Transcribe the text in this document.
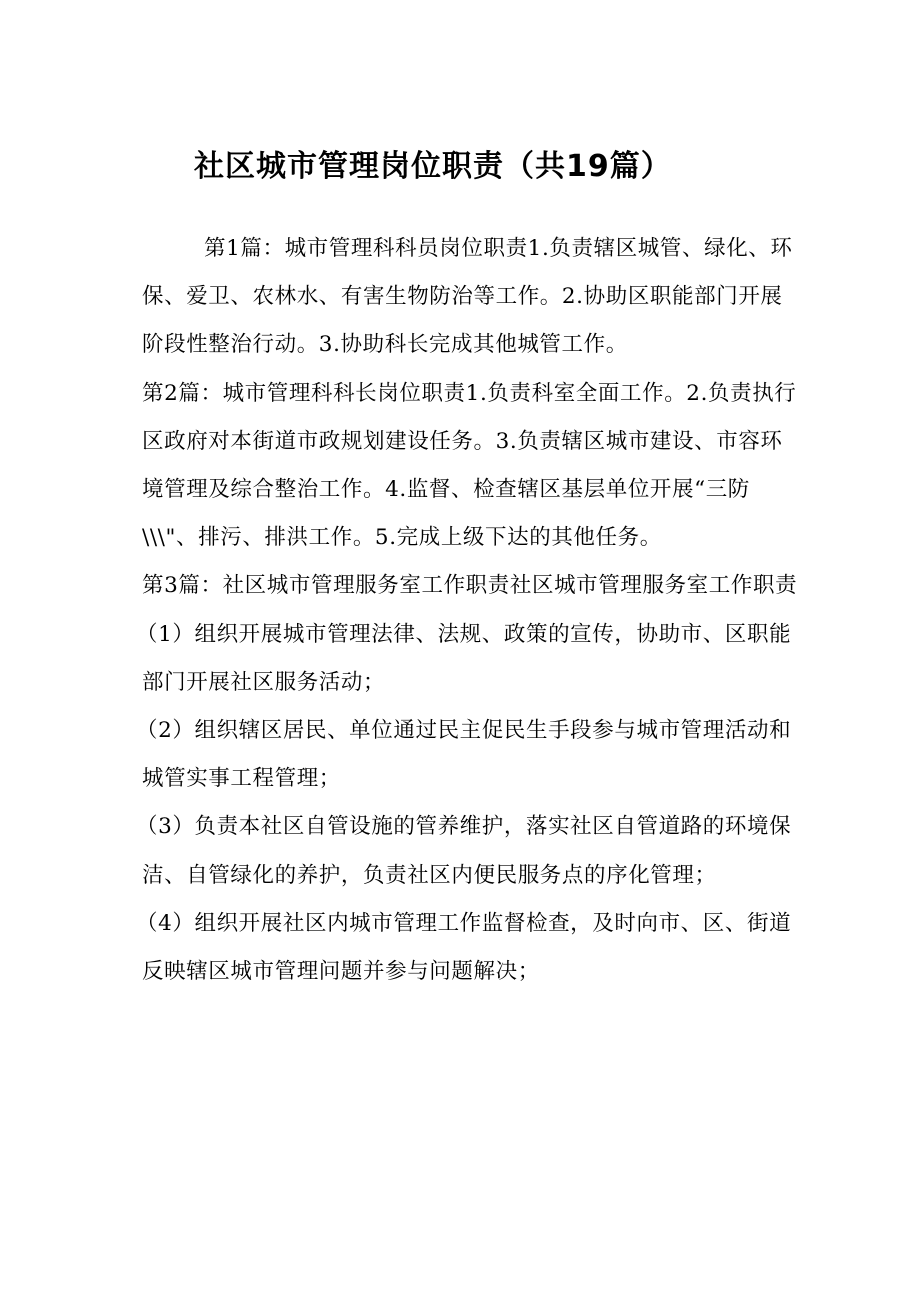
社区城市管理岗位职责（共19篇）

第1篇：城市管理科科员岗位职责1.负责辖区城管、绿化、环保、爱卫、农林水、有害生物防治等工作。2.协助区职能部门开展阶段性整治行动。3.协助科长完成其他城管工作。

第2篇：城市管理科科长岗位职责1.负责科室全面工作。2.负责执行区政府对本街道市政规划建设任务。3.负责辖区城市建设、市容环境管理及综合整治工作。4.监督、检查辖区基层单位开展“三防\\\"、排污、排洪工作。5.完成上级下达的其他任务。

第3篇：社区城市管理服务室工作职责社区城市管理服务室工作职责

（1）组织开展城市管理法律、法规、政策的宣传，协助市、区职能部门开展社区服务活动；

（2）组织辖区居民、单位通过民主促民生手段参与城市管理活动和城管实事工程管理；

（3）负责本社区自管设施的管养维护，落实社区自管道路的环境保洁、自管绿化的养护，负责社区内便民服务点的序化管理；

（4）组织开展社区内城市管理工作监督检查，及时向市、区、街道反映辖区城市管理问题并参与问题解决；
